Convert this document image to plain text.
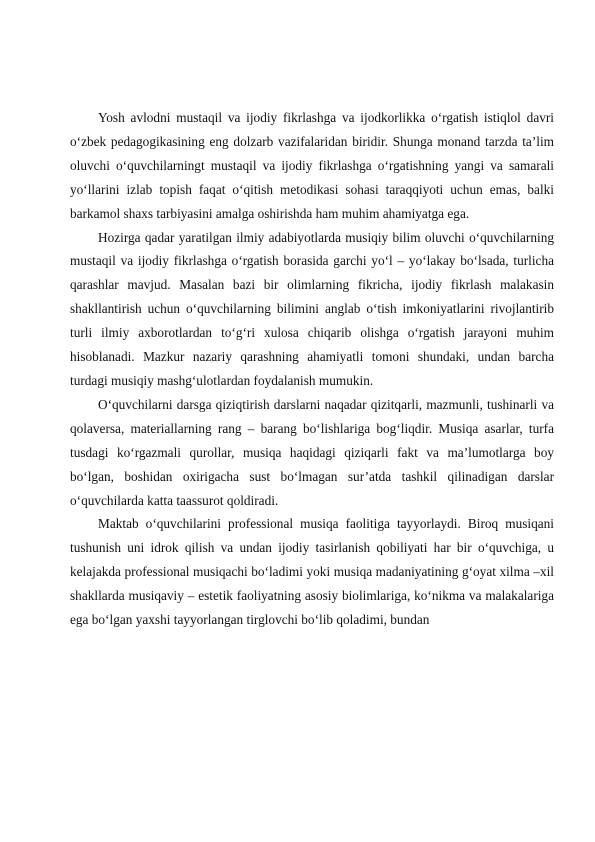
Yosh avlodni mustaqil va ijodiy fikrlashga va ijodkorlikka o‘rgatish istiqlol davri o‘zbek pedagogikasining eng dolzarb vazifalaridan biridir. Shunga monand tarzda ta’lim oluvchi o‘quvchilarningt mustaqil va ijodiy fikrlashga o‘rgatishning yangi va samarali yo‘llarini izlab topish faqat o‘qitish metodikasi sohasi taraqqiyoti uchun emas, balki barkamol shaxs tarbiyasini amalga oshirishda ham muhim ahamiyatga ega.

Hozirga qadar yaratilgan ilmiy adabiyotlarda musiqiy bilim oluvchi o‘quvchilarning mustaqil va ijodiy fikrlashga o‘rgatish borasida garchi yo‘l – yo‘lakay bo‘lsada, turlicha qarashlar mavjud. Masalan bazi bir olimlarning fikricha, ijodiy fikrlash malakasin shakllantirish uchun o‘quvchilarning bilimini anglab o‘tish imkoniyatlarini rivojlantirib turli ilmiy axborotlardan to‘g‘ri xulosa chiqarib olishga o‘rgatish jarayoni muhim hisoblanadi. Mazkur nazariy qarashning ahamiyatli tomoni shundaki, undan barcha turdagi musiqiy mashg‘ulotlardan foydalanish mumukin.

O‘quvchilarni darsga qiziqtirish darslarni naqadar qizitqarli, mazmunli, tushinarli va qolaversa, materiallarning rang – barang bo‘lishlariga bog‘liqdir. Musiqa asarlar, turfa tusdagi ko‘rgazmali qurollar, musiqa haqidagi qiziqarli fakt va ma’lumotlarga boy bo‘lgan, boshidan oxirigacha sust bo‘lmagan sur’atda tashkil qilinadigan darslar o‘quvchilarda katta taassurot qoldiradi.

Maktab o‘quvchilarini professional musiqa faolitiga tayyorlaydi. Biroq musiqani tushunish uni idrok qilish va undan ijodiy tasirlanish qobiliyati har bir o‘quvchiga, u kelajakda professional musiqachi bo‘ladimi yoki musiqa madaniyatining g‘oyat xilma –xil shakllarda musiqaviy – estetik faoliyatning asosiy biolimlariga, ko‘nikma va malakalariga ega bo‘lgan yaxshi tayyorlangan tirglovchi bo‘lib qoladimi, bundan
